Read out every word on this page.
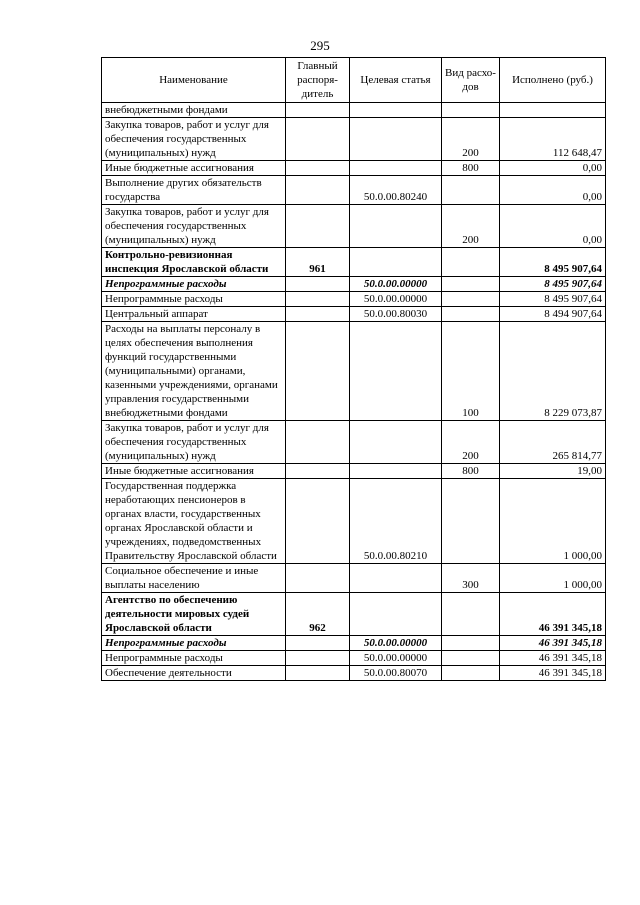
295
Наименование	Главный распоря-дитель	Целевая статья	Вид расхо-дов	Исполнено (руб.)
внебюджетными фондами				
Закупка товаров, работ и услуг для обеспечения государственных (муниципальных) нужд			200	112 648,47
Иные бюджетные ассигнования			800	0,00
Выполнение других обязательств государства		50.0.00.80240		0,00
Закупка товаров, работ и услуг для обеспечения государственных (муниципальных) нужд			200	0,00
Контрольно-ревизионная инспекция Ярославской области	961			8 495 907,64
Непрограммные расходы		50.0.00.00000		8 495 907,64
Непрограммные расходы		50.0.00.00000		8 495 907,64
Центральный аппарат		50.0.00.80030		8 494 907,64
Расходы на выплаты персоналу в целях обеспечения выполнения функций государственными (муниципальными) органами, казенными учреждениями, органами управления государственными внебюджетными фондами			100	8 229 073,87
Закупка товаров, работ и услуг для обеспечения государственных (муниципальных) нужд			200	265 814,77
Иные бюджетные ассигнования			800	19,00
Государственная поддержка неработающих пенсионеров в органах власти, государственных органах Ярославской области и учреждениях, подведомственных Правительству Ярославской области		50.0.00.80210		1 000,00
Социальное обеспечение и иные выплаты населению			300	1 000,00
Агентство по обеспечению деятельности мировых судей Ярославской области	962			46 391 345,18
Непрограммные расходы		50.0.00.00000		46 391 345,18
Непрограммные расходы		50.0.00.00000		46 391 345,18
Обеспечение деятельности		50.0.00.80070		46 391 345,18
